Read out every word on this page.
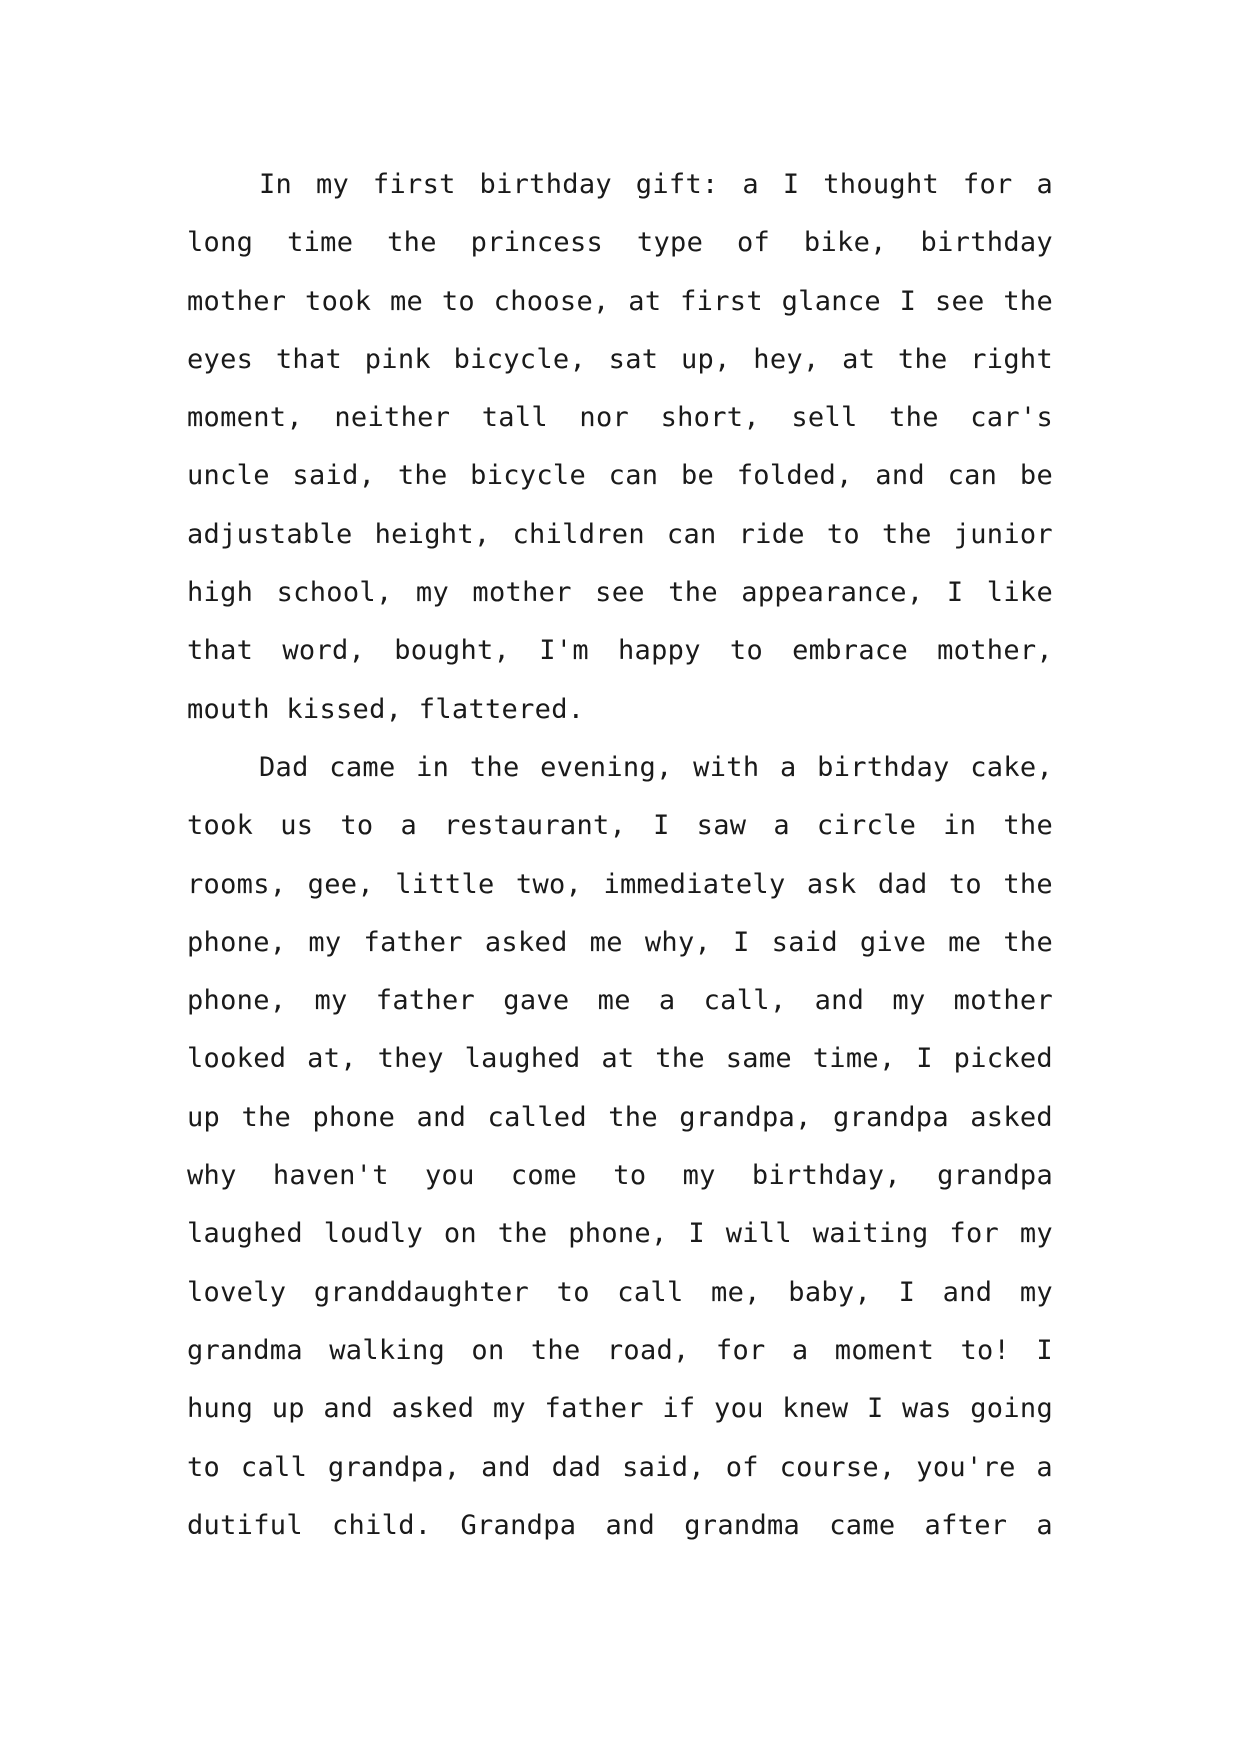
In my first birthday gift: a I thought for a
long time the princess type of bike, birthday
mother took me to choose, at first glance I see the
eyes that pink bicycle, sat up, hey, at the right
moment, neither tall nor short, sell the car's
uncle said, the bicycle can be folded, and can be
adjustable height, children can ride to the junior
high school, my mother see the appearance, I like
that word, bought, I'm happy to embrace mother,
mouth kissed, flattered.
Dad came in the evening, with a birthday cake,
took us to a restaurant, I saw a circle in the
rooms, gee, little two, immediately ask dad to the
phone, my father asked me why, I said give me the
phone, my father gave me a call, and my mother
looked at, they laughed at the same time, I picked
up the phone and called the grandpa, grandpa asked
why haven't you come to my birthday, grandpa
laughed loudly on the phone, I will waiting for my
lovely granddaughter to call me, baby, I and my
grandma walking on the road, for a moment to! I
hung up and asked my father if you knew I was going
to call grandpa, and dad said, of course, you're a
dutiful child. Grandpa and grandma came after a
